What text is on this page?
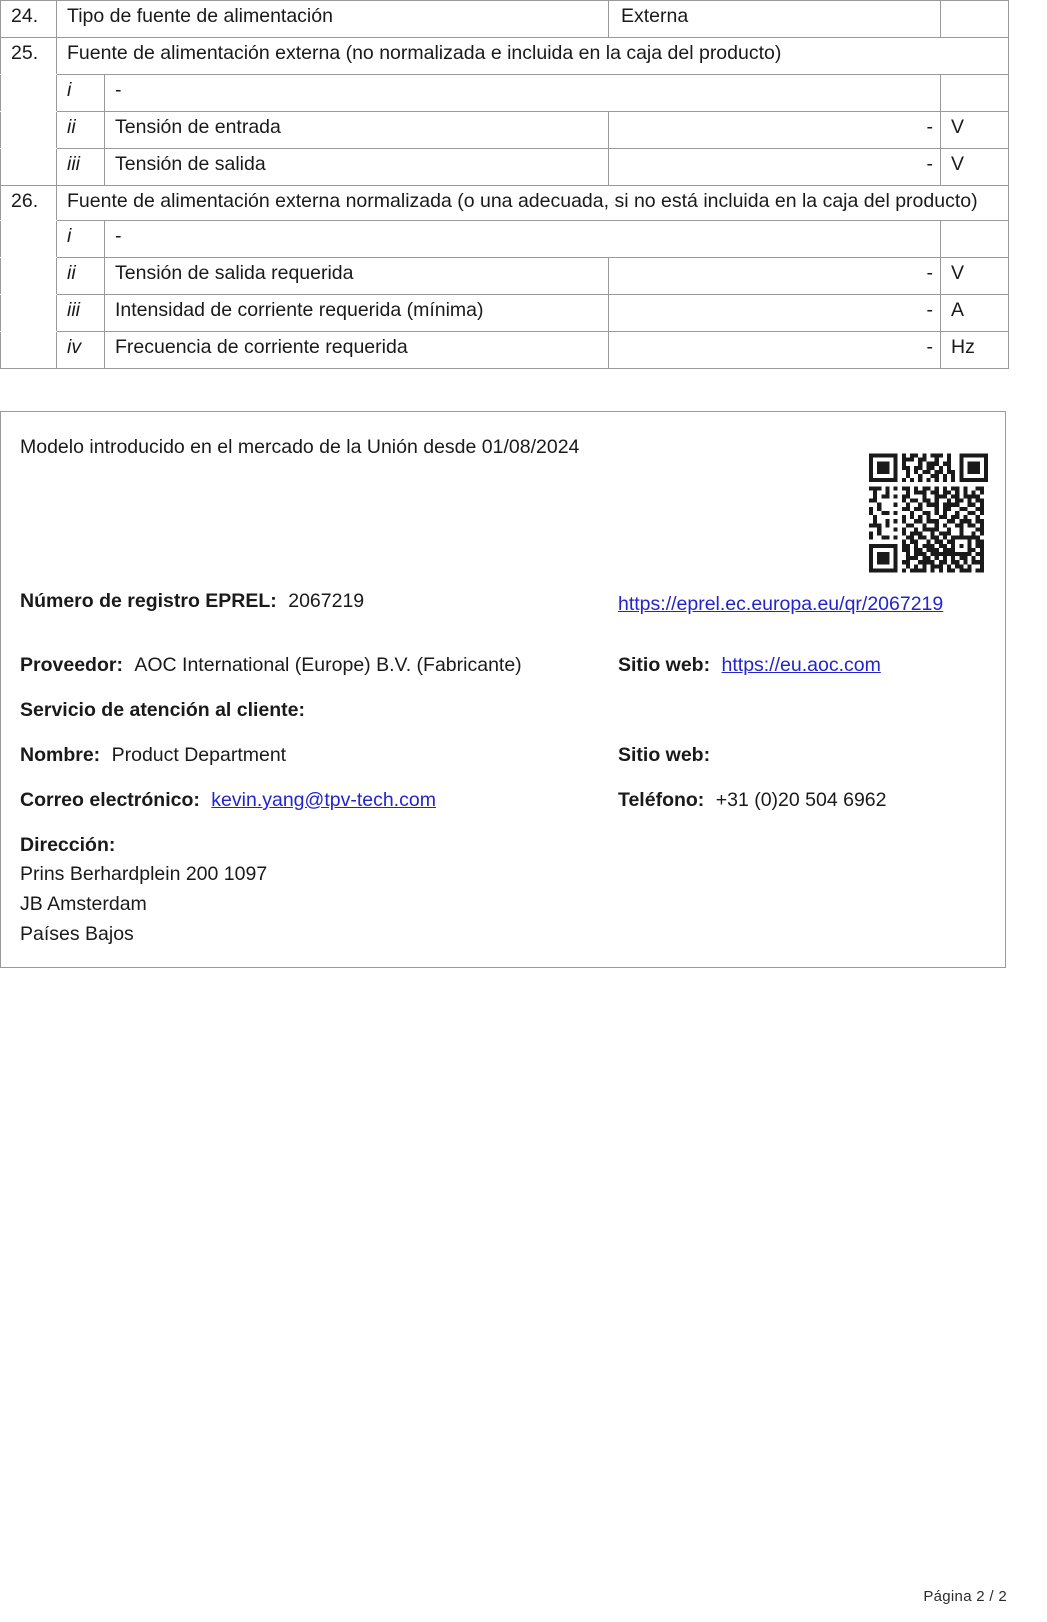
24.	Tipo de fuente de alimentación		Externa	
25.	Fuente de alimentación externa (no normalizada e incluida en la caja del producto)			
	i	-		
	ii	Tensión de entrada	-	V
	iii	Tensión de salida	-	V
26.	Fuente de alimentación externa normalizada (o una adecuada, si no está incluida en la caja del producto)			
	i	-		
	ii	Tensión de salida requerida	-	V
	iii	Intensidad de corriente requerida (mínima)	-	A
	iv	Frecuencia de corriente requerida	-	Hz
Modelo introducido en el mercado de la Unión desde 01/08/2024
Número de registro EPREL: 2067219	https://eprel.ec.europa.eu/qr/2067219
Proveedor: AOC International (Europe) B.V. (Fabricante)	Sitio web: https://eu.aoc.com
Servicio de atención al cliente:
Nombre: Product Department	Sitio web:
Correo electrónico: kevin.yang@tpv-tech.com	Teléfono: +31 (0)20 504 6962
Dirección:
Prins Berhardplein 200 1097
JB Amsterdam
Países Bajos
Página 2 / 2
